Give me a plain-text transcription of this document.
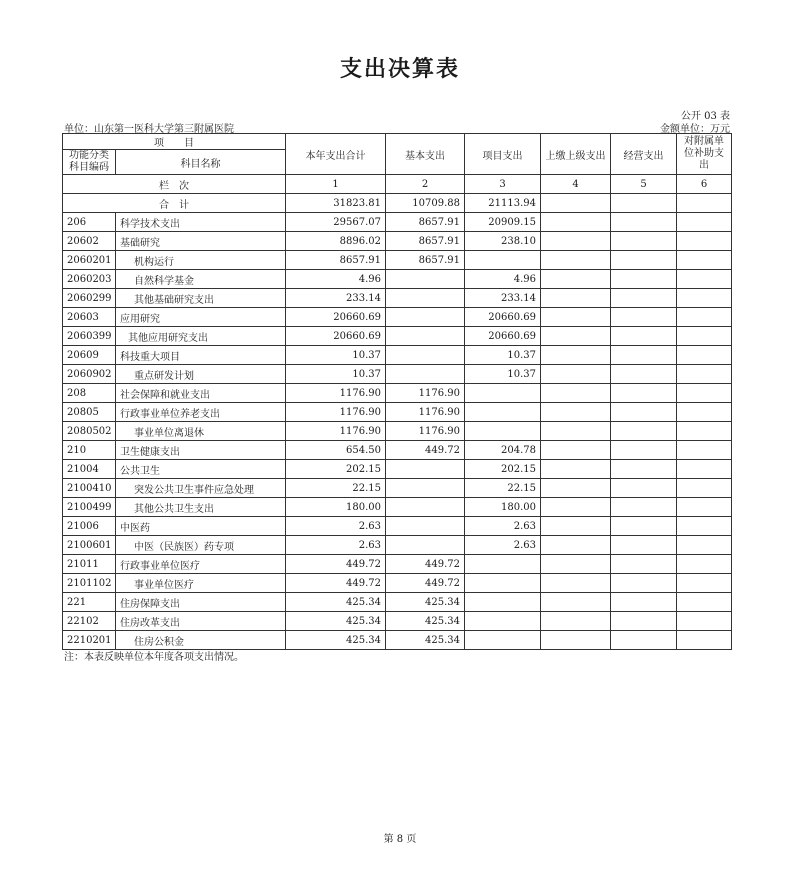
支出决算表
公开 03 表
单位：山东第一医科大学第三附属医院	金额单位：万元
项　　目		本年支出合计	基本支出	项目支出	上缴上级支出	经营支出	对附属单位补助支出
功能分类科目编码	科目名称						
栏　次		1	2	3	4	5	6
合　计		31823.81	10709.88	21113.94			
206	科学技术支出	29567.07	8657.91	20909.15			
20602	基础研究	8896.02	8657.91	238.10			
2060201	机构运行	8657.91	8657.91				
2060203	自然科学基金	4.96		4.96			
2060299	其他基础研究支出	233.14		233.14			
20603	应用研究	20660.69		20660.69			
2060399	其他应用研究支出	20660.69		20660.69			
20609	科技重大项目	10.37		10.37			
2060902	重点研发计划	10.37		10.37			
208	社会保障和就业支出	1176.90	1176.90				
20805	行政事业单位养老支出	1176.90	1176.90				
2080502	事业单位离退休	1176.90	1176.90				
210	卫生健康支出	654.50	449.72	204.78			
21004	公共卫生	202.15		202.15			
2100410	突发公共卫生事件应急处理	22.15		22.15			
2100499	其他公共卫生支出	180.00		180.00			
21006	中医药	2.63		2.63			
2100601	中医（民族医）药专项	2.63		2.63			
21011	行政事业单位医疗	449.72	449.72				
2101102	事业单位医疗	449.72	449.72				
221	住房保障支出	425.34	425.34				
22102	住房改革支出	425.34	425.34				
2210201	住房公积金	425.34	425.34				
注：本表反映单位本年度各项支出情况。
第 8 页
